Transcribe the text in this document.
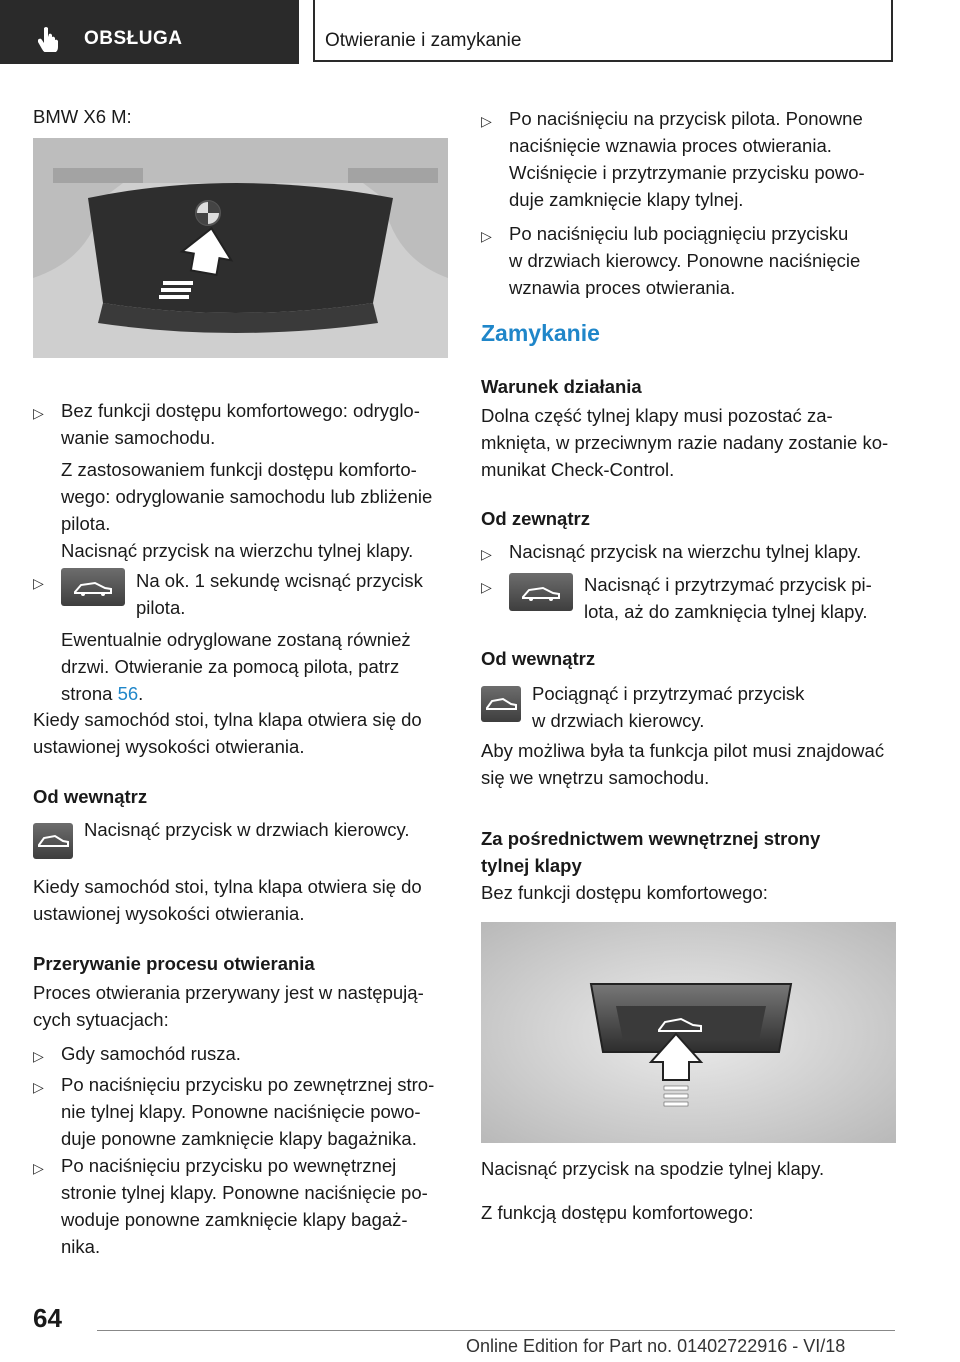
OBSŁUGA	Otwieranie i zamykanie
BMW X6 M:
▷ Bez funkcji dostępu komfortowego: odryglo-
wanie samochodu.
Z zastosowaniem funkcji dostępu komforto-
wego: odryglowanie samochodu lub zbliżenie
pilota.
Nacisnąć przycisk na wierzchu tylnej klapy.
▷	Na ok. 1 sekundę wcisnąć przycisk
pilota.
Ewentualnie odryglowane zostaną również
drzwi. Otwieranie za pomocą pilota, patrz
strona 56.
Kiedy samochód stoi, tylna klapa otwiera się do
ustawionej wysokości otwierania.
Od wewnątrz
Nacisnąć przycisk w drzwiach kierowcy.
Kiedy samochód stoi, tylna klapa otwiera się do
ustawionej wysokości otwierania.
Przerywanie procesu otwierania
Proces otwierania przerywany jest w następują-
cych sytuacjach:
▷ Gdy samochód rusza.
▷ Po naciśnięciu przycisku po zewnętrznej stro-
nie tylnej klapy. Ponowne naciśnięcie powo-
duje ponowne zamknięcie klapy bagażnika.
▷ Po naciśnięciu przycisku po wewnętrznej
stronie tylnej klapy. Ponowne naciśnięcie po-
woduje ponowne zamknięcie klapy bagaż-
nika.
▷ Po naciśnięciu na przycisk pilota. Ponowne
naciśnięcie wznawia proces otwierania.
Wciśnięcie i przytrzymanie przycisku powo-
duje zamknięcie klapy tylnej.
▷ Po naciśnięciu lub pociągnięciu przycisku
w drzwiach kierowcy. Ponowne naciśnięcie
wznawia proces otwierania.
Zamykanie
Warunek działania
Dolna część tylnej klapy musi pozostać za-
mknięta, w przeciwnym razie nadany zostanie ko-
munikat Check-Control.
Od zewnątrz
▷ Nacisnąć przycisk na wierzchu tylnej klapy.
▷	Nacisnąć i przytrzymać przycisk pi-
lota, aż do zamknięcia tylnej klapy.
Od wewnątrz
Pociągnąć i przytrzymać przycisk
w drzwiach kierowcy.
Aby możliwa była ta funkcja pilot musi znajdować
się we wnętrzu samochodu.
Za pośrednictwem wewnętrznej strony
tylnej klapy
Bez funkcji dostępu komfortowego:
Nacisnąć przycisk na spodzie tylnej klapy.
Z funkcją dostępu komfortowego:
64
Online Edition for Part no. 01402722916 - VI/18
